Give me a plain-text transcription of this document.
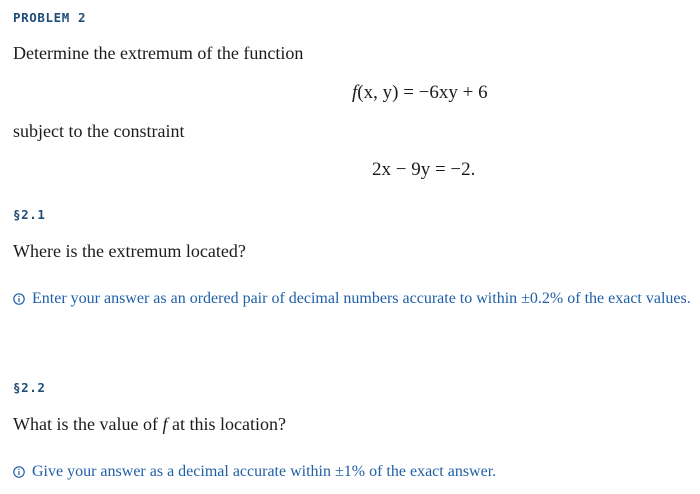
PROBLEM 2
Determine the extremum of the function
f(x, y) = −6xy + 6
subject to the constraint
2x − 9y = −2.
§2.1
Where is the extremum located?
Enter your answer as an ordered pair of decimal numbers accurate to within ±0.2% of the exact values.
§2.2
What is the value of f at this location?
Give your answer as a decimal accurate within ±1% of the exact answer.
